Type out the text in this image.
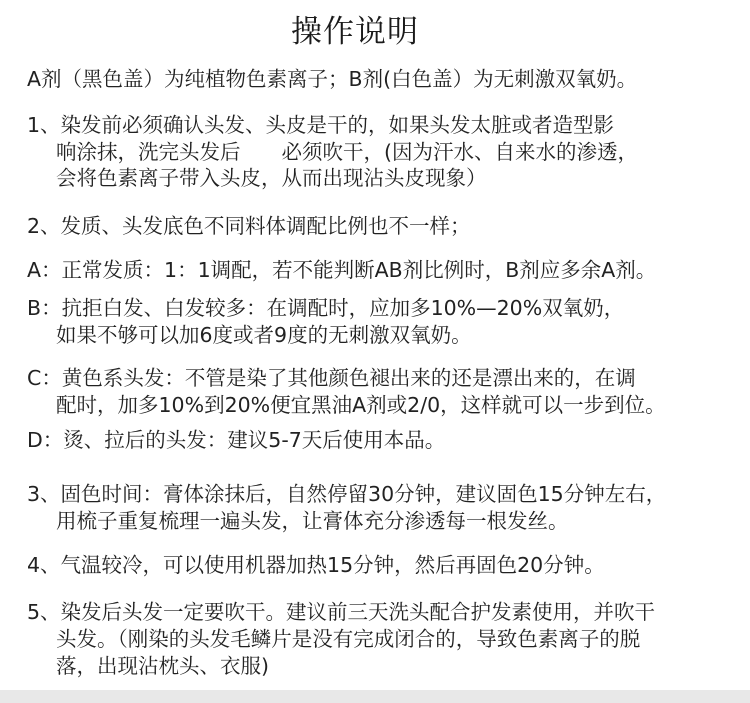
操作说明
A剂（黑色盖）为纯植物色素离子；B剂(白色盖）为无刺激双氧奶。
1、染发前必须确认头发、头皮是干的，如果头发太脏或者造型影
响涂抹，洗完头发后　　必须吹干，(因为汗水、自来水的渗透，
会将色素离子带入头皮，从而出现沾头皮现象）
2、发质、头发底色不同料体调配比例也不一样；
A：正常发质：1：1调配，若不能判断AB剂比例时，B剂应多余A剂。
B：抗拒白发、白发较多：在调配时，应加多10%—20%双氧奶，
如果不够可以加6度或者9度的无刺激双氧奶。
C：黄色系头发：不管是染了其他颜色褪出来的还是漂出来的，在调
配时，加多10%到20%便宜黑油A剂或2/0，这样就可以一步到位。
D：烫、拉后的头发：建议5-7天后使用本品。
3、固色时间：膏体涂抹后，自然停留30分钟，建议固色15分钟左右，
用梳子重复梳理一遍头发，让膏体充分渗透每一根发丝。
4、气温较冷，可以使用机器加热15分钟，然后再固色20分钟。
5、染发后头发一定要吹干。建议前三天洗头配合护发素使用，并吹干
头发。（刚染的头发毛鳞片是没有完成闭合的，导致色素离子的脱
落，出现沾枕头、衣服)
